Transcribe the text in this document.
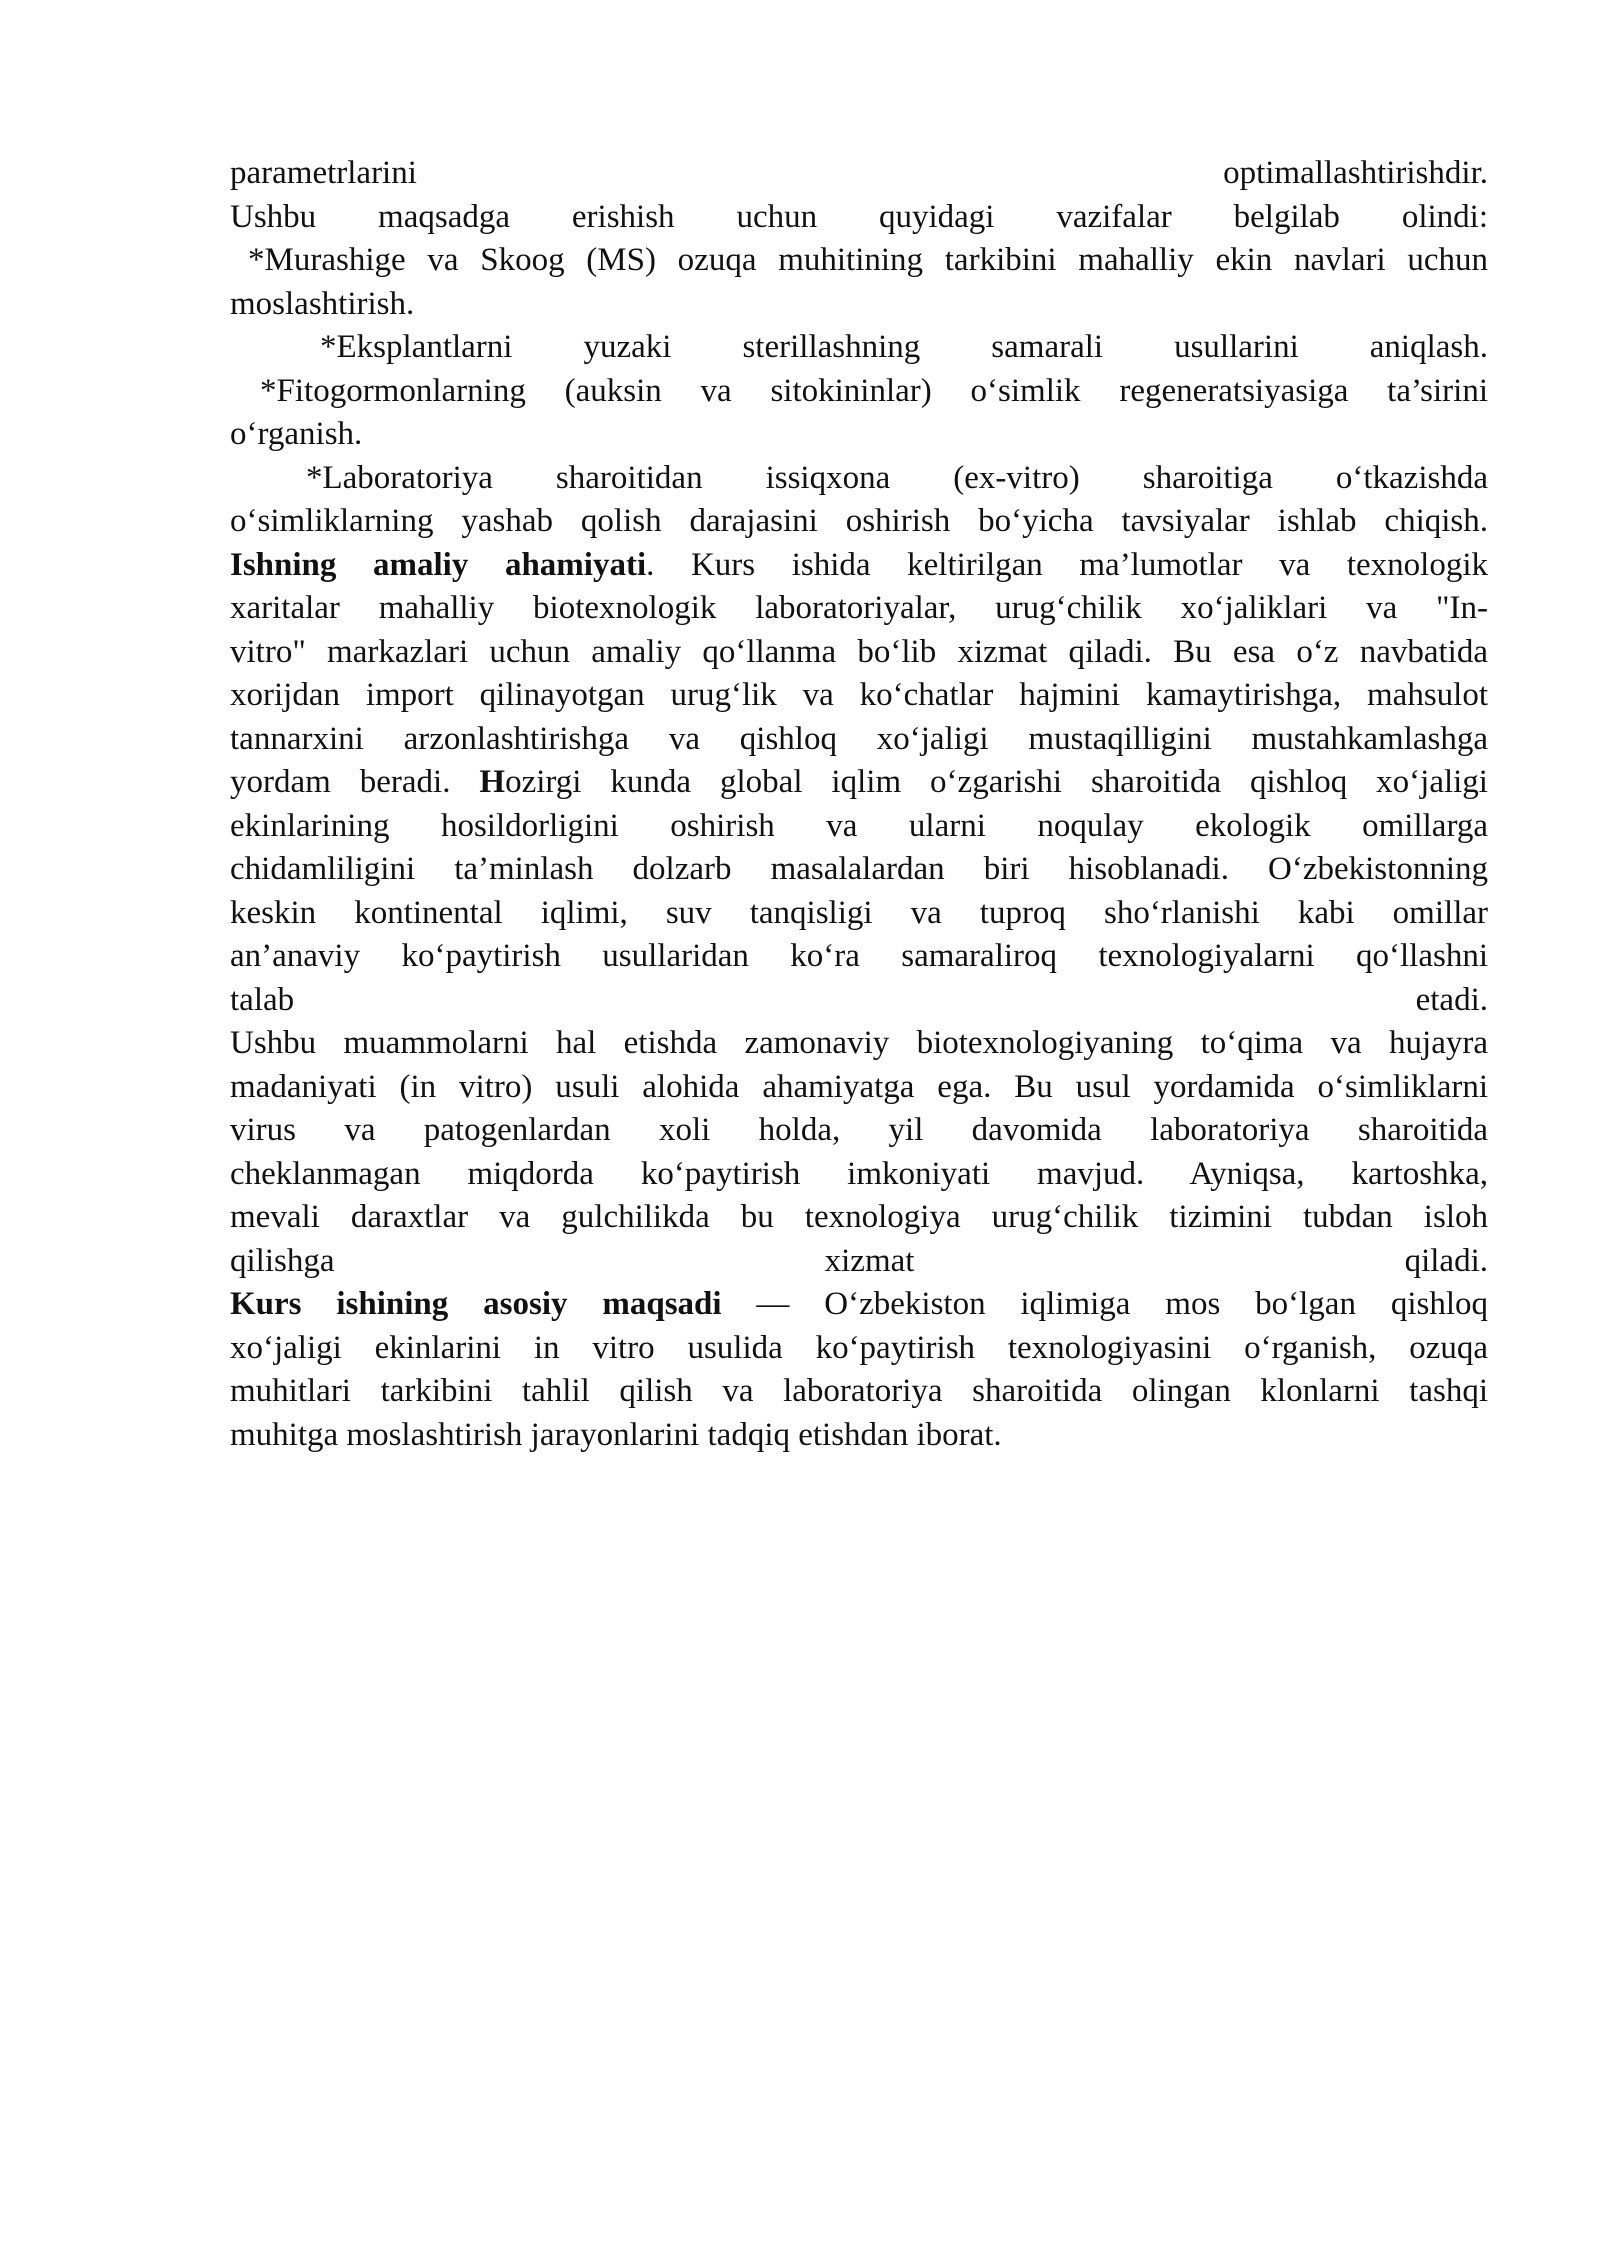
parametrlarini optimallashtirishdir.
Ushbu maqsadga erishish uchun quyidagi vazifalar belgilab olindi:
*Murashige va Skoog (MS) ozuqa muhitining tarkibini mahalliy ekin navlari uchun
moslashtirish.
*Eksplantlarni yuzaki sterillashning samarali usullarini aniqlash.
*Fitogormonlarning (auksin va sitokininlar) o‘simlik regeneratsiyasiga ta’sirini
o‘rganish.
*Laboratoriya sharoitidan issiqxona (ex-vitro) sharoitiga o‘tkazishda
o‘simliklarning yashab qolish darajasini oshirish bo‘yicha tavsiyalar ishlab chiqish.
Ishning amaliy ahamiyati. Kurs ishida keltirilgan ma’lumotlar va texnologik
xaritalar mahalliy biotexnologik laboratoriyalar, urug‘chilik xo‘jaliklari va "In-
vitro" markazlari uchun amaliy qo‘llanma bo‘lib xizmat qiladi. Bu esa o‘z navbatida
xorijdan import qilinayotgan urug‘lik va ko‘chatlar hajmini kamaytirishga, mahsulot
tannarxini arzonlashtirishga va qishloq xo‘jaligi mustaqilligini mustahkamlashga
yordam beradi. Hozirgi kunda global iqlim o‘zgarishi sharoitida qishloq xo‘jaligi
ekinlarining hosildorligini oshirish va ularni noqulay ekologik omillarga
chidamliligini ta’minlash dolzarb masalalardan biri hisoblanadi. O‘zbekistonning
keskin kontinental iqlimi, suv tanqisligi va tuproq sho‘rlanishi kabi omillar
an’anaviy ko‘paytirish usullaridan ko‘ra samaraliroq texnologiyalarni qo‘llashni
talab etadi.
Ushbu muammolarni hal etishda zamonaviy biotexnologiyaning to‘qima va hujayra
madaniyati (in vitro) usuli alohida ahamiyatga ega. Bu usul yordamida o‘simliklarni
virus va patogenlardan xoli holda, yil davomida laboratoriya sharoitida
cheklanmagan miqdorda ko‘paytirish imkoniyati mavjud. Ayniqsa, kartoshka,
mevali daraxtlar va gulchilikda bu texnologiya urug‘chilik tizimini tubdan isloh
qilishga xizmat qiladi.
Kurs ishining asosiy maqsadi — O‘zbekiston iqlimiga mos bo‘lgan qishloq
xo‘jaligi ekinlarini in vitro usulida ko‘paytirish texnologiyasini o‘rganish, ozuqa
muhitlari tarkibini tahlil qilish va laboratoriya sharoitida olingan klonlarni tashqi
muhitga moslashtirish jarayonlarini tadqiq etishdan iborat.
